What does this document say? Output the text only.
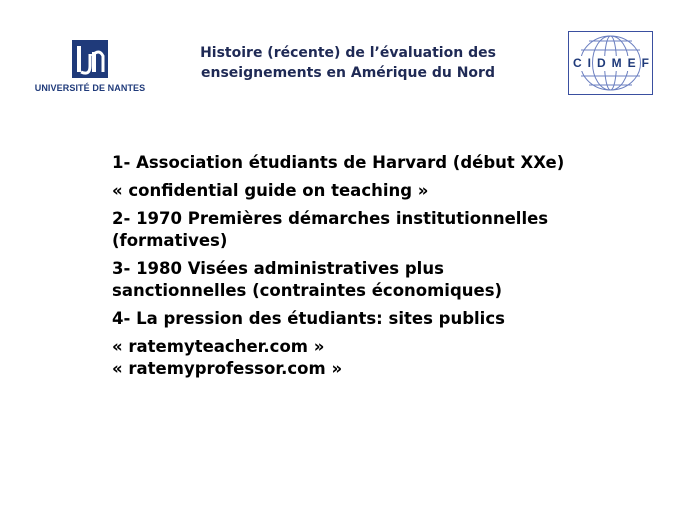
UNIVERSITÉ DE NANTES
Histoire (récente) de l’évaluation des
enseignements en Amérique du Nord
C I D M E F
1- Association étudiants de Harvard (début XXe)
« confidential guide on teaching »
2- 1970 Premières démarches institutionnelles
(formatives)
3- 1980 Visées administratives plus
sanctionnelles (contraintes économiques)
4- La pression des étudiants: sites publics
« ratemyteacher.com »
« ratemyprofessor.com »
